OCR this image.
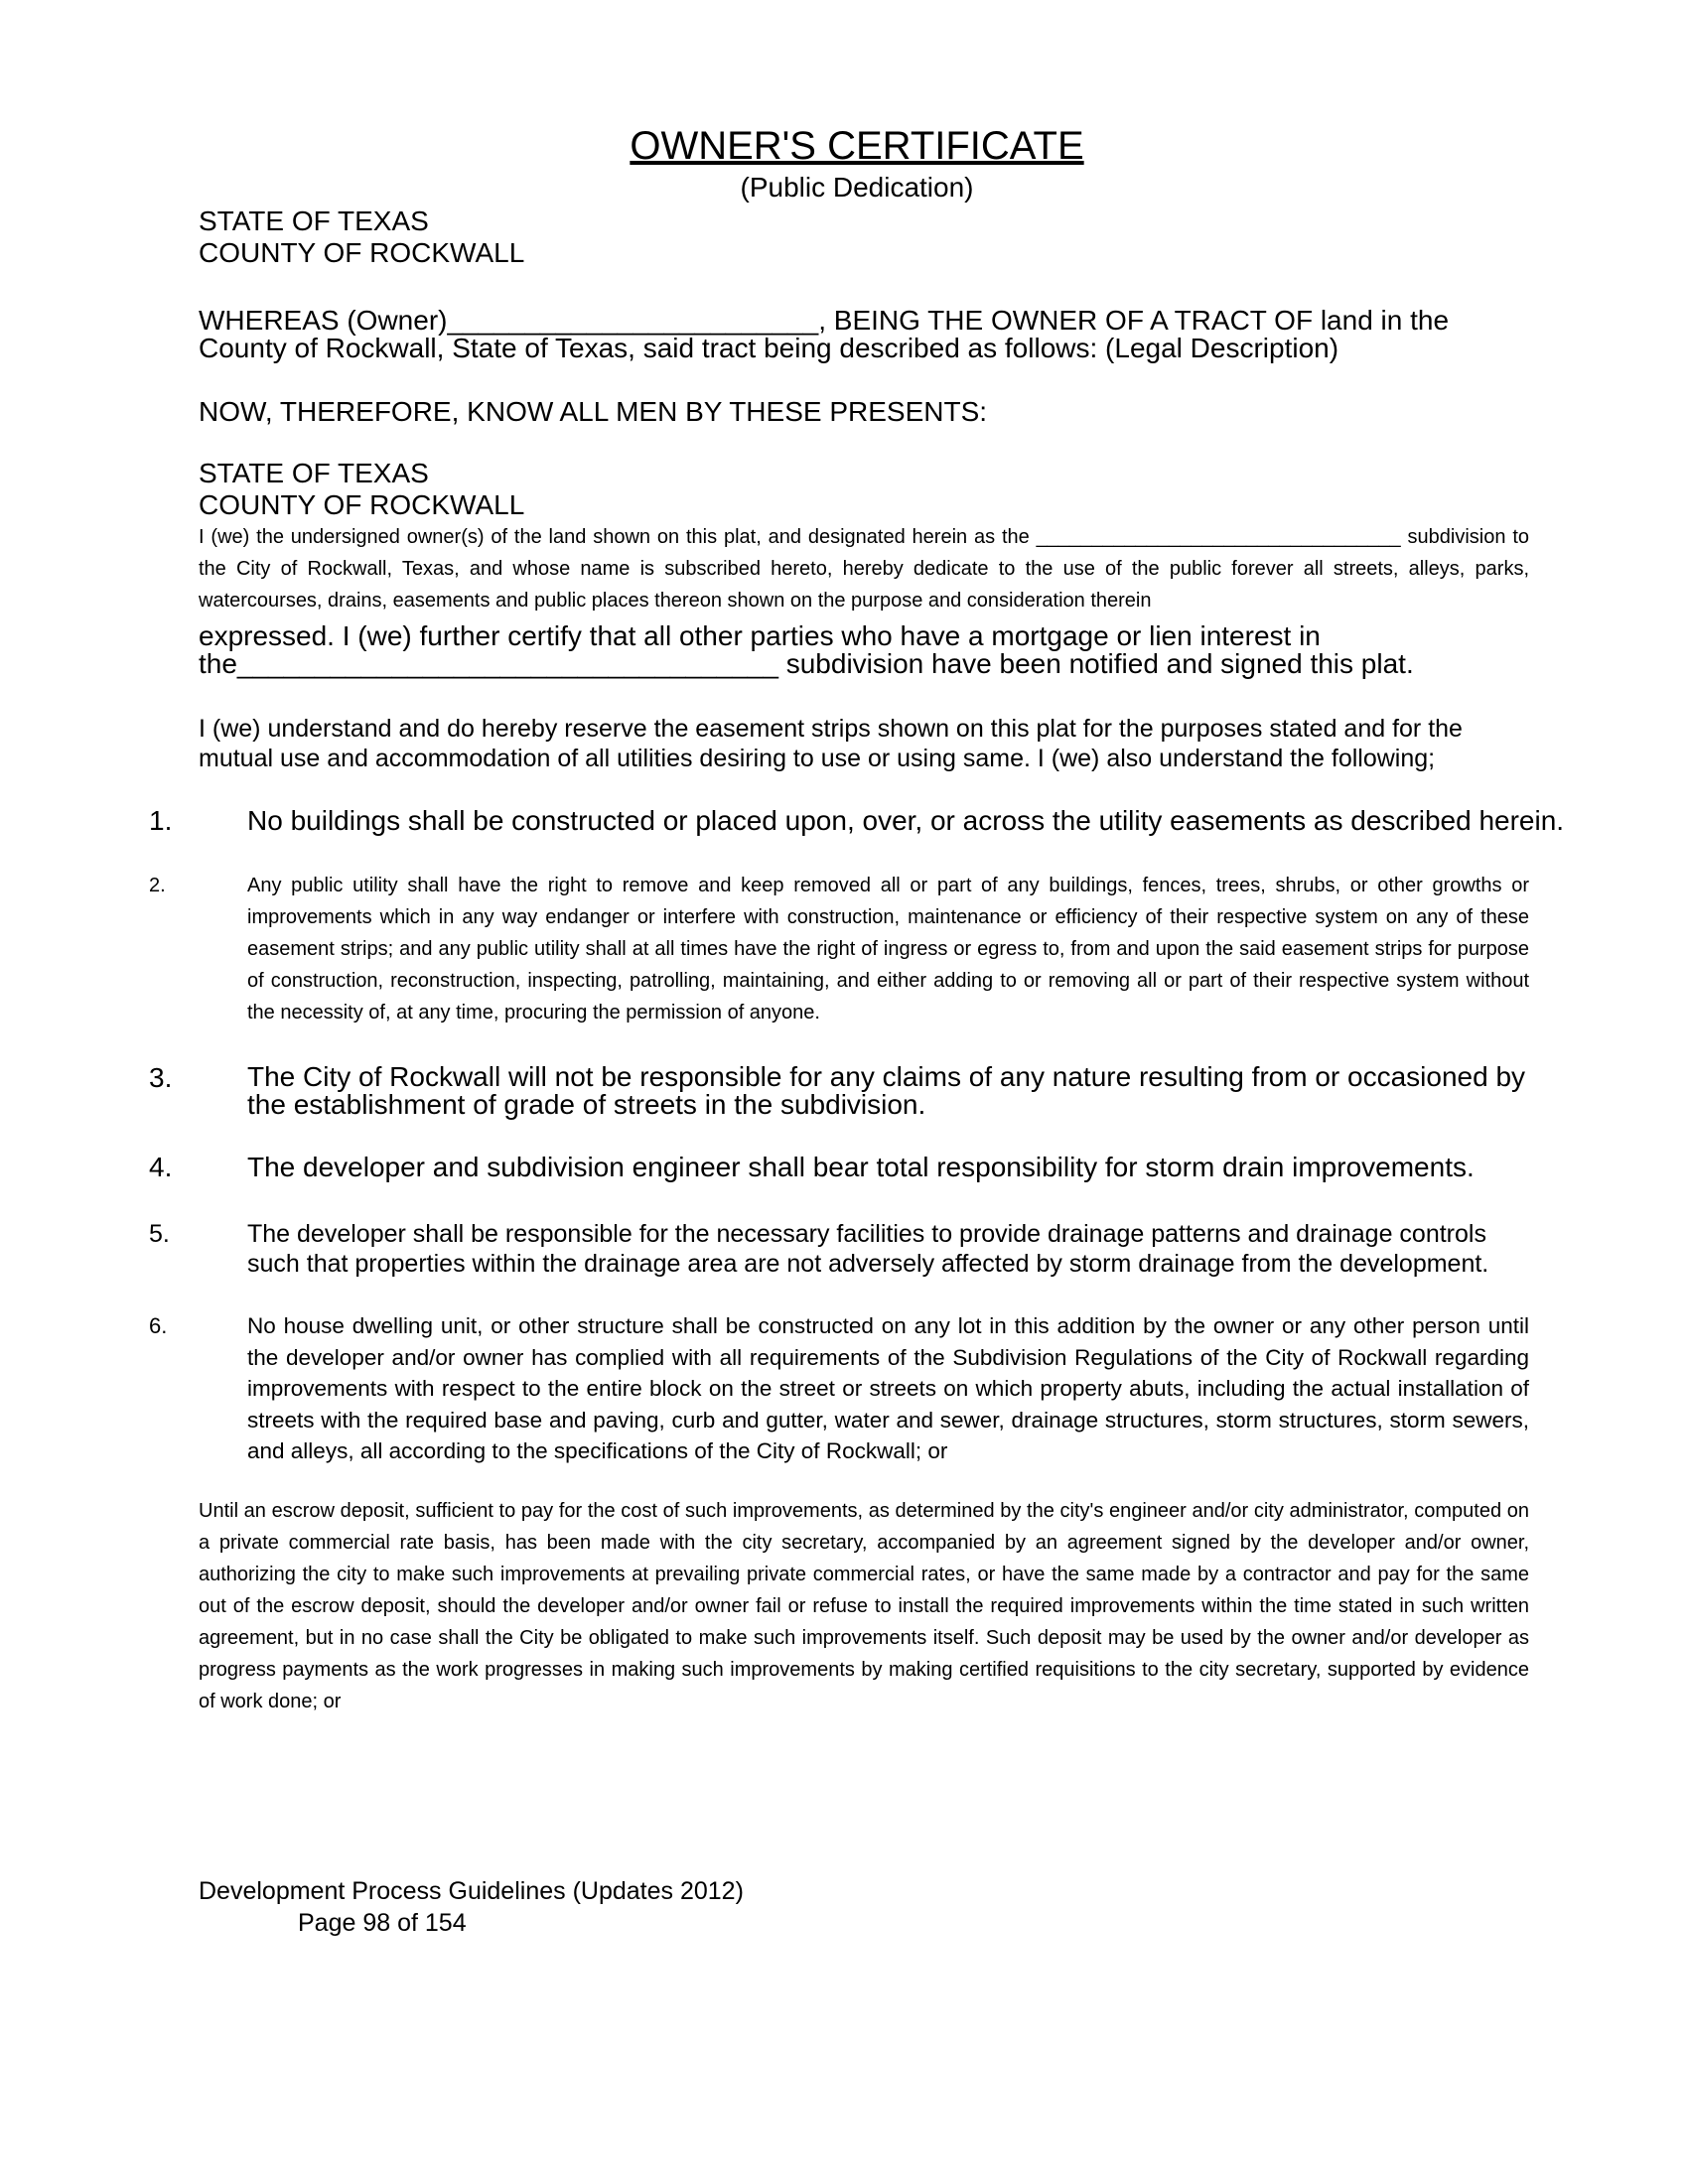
OWNER'S CERTIFICATE
(Public Dedication)
STATE OF TEXAS
COUNTY OF ROCKWALL
WHEREAS (Owner)________________________, BEING THE OWNER OF A TRACT OF land in the
County of Rockwall, State of Texas, said tract being described as follows: (Legal Description)
NOW, THEREFORE, KNOW ALL MEN BY THESE PRESENTS:
STATE OF TEXAS
COUNTY OF ROCKWALL
I (we) the undersigned owner(s) of the land shown on this plat, and designated herein as the _________________________________ subdivision to the City of Rockwall, Texas, and whose name is subscribed hereto, hereby dedicate to the use of the public forever all streets, alleys, parks, watercourses, drains, easements and public places thereon shown on the purpose and consideration therein
expressed. I (we) further certify that all other parties who have a mortgage or lien interest in
the___________________________________ subdivision have been notified and signed this plat.
I (we) understand and do hereby reserve the easement strips shown on this plat for the purposes stated and for the mutual use and accommodation of all utilities desiring to use or using same. I (we) also understand the following;
1.	No buildings shall be constructed or placed upon, over, or across the utility easements as described herein.
2.	Any public utility shall have the right to remove and keep removed all or part of any buildings, fences, trees, shrubs, or other growths or improvements which in any way endanger or interfere with construction, maintenance or efficiency of their respective system on any of these easement strips; and any public utility shall at all times have the right of ingress or egress to, from and upon the said easement strips for purpose of construction, reconstruction, inspecting, patrolling, maintaining, and either adding to or removing all or part of their respective system without the necessity of, at any time, procuring the permission of anyone.
3.	The City of Rockwall will not be responsible for any claims of any nature resulting from or occasioned by the establishment of grade of streets in the subdivision.
4.	The developer and subdivision engineer shall bear total responsibility for storm drain improvements.
5.	The developer shall be responsible for the necessary facilities to provide drainage patterns and drainage controls such that properties within the drainage area are not adversely affected by storm drainage from the development.
6.	No house dwelling unit, or other structure shall be constructed on any lot in this addition by the owner or any other person until the developer and/or owner has complied with all requirements of the Subdivision Regulations of the City of Rockwall regarding improvements with respect to the entire block on the street or streets on which property abuts, including the actual installation of streets with the required base and paving, curb and gutter, water and sewer, drainage structures, storm structures, storm sewers, and alleys, all according to the specifications of the City of Rockwall; or
Until an escrow deposit, sufficient to pay for the cost of such improvements, as determined by the city's engineer and/or city administrator, computed on a private commercial rate basis, has been made with the city secretary, accompanied by an agreement signed by the developer and/or owner, authorizing the city to make such improvements at prevailing private commercial rates, or have the same made by a contractor and pay for the same out of the escrow deposit, should the developer and/or owner fail or refuse to install the required improvements within the time stated in such written agreement, but in no case shall the City be obligated to make such improvements itself. Such deposit may be used by the owner and/or developer as progress payments as the work progresses in making such improvements by making certified requisitions to the city secretary, supported by evidence of work done; or
Development Process Guidelines (Updates 2012)
Page 98 of 154
